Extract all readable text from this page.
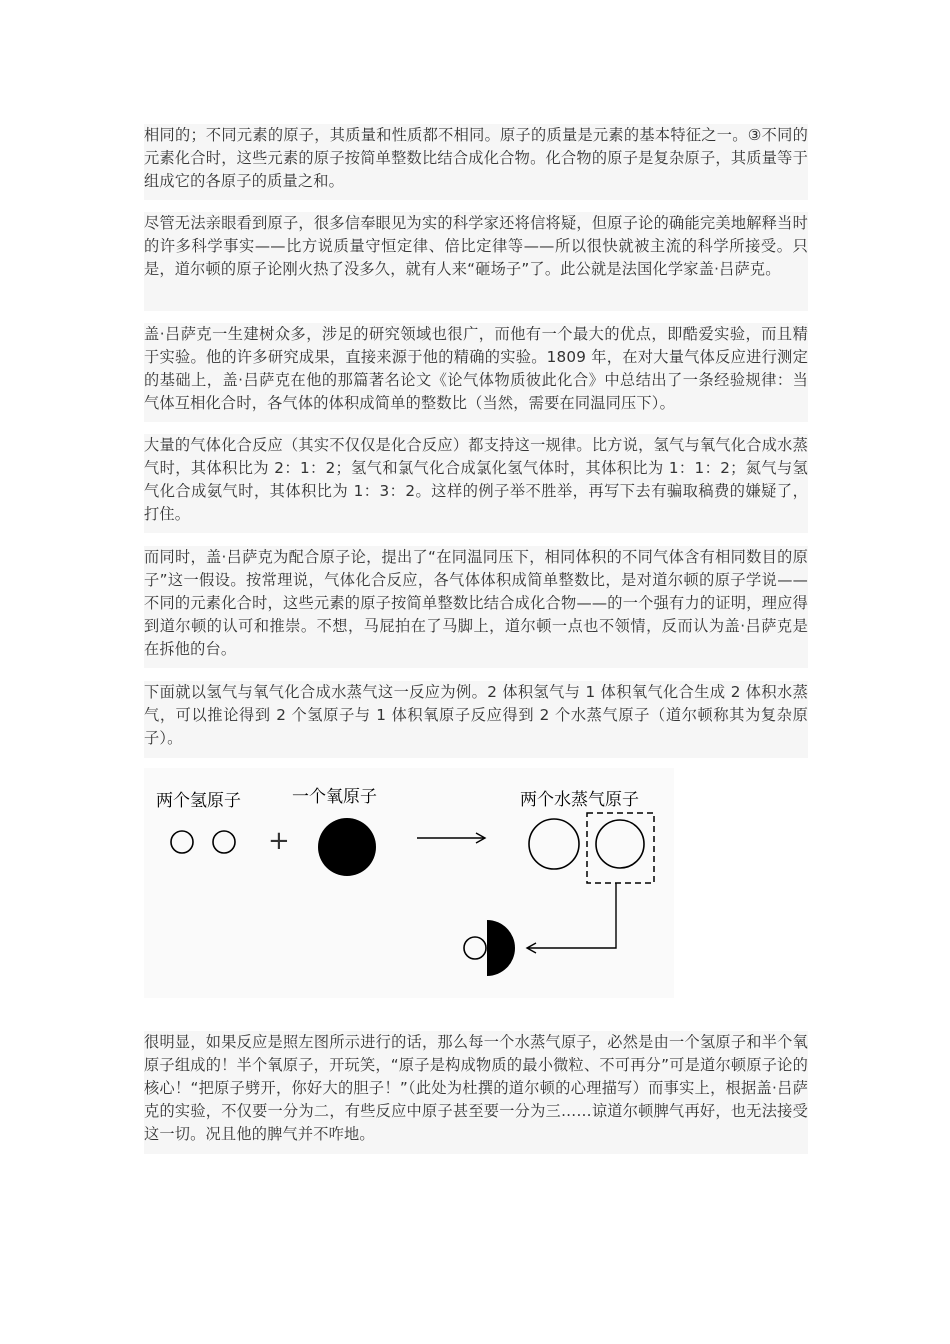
相同的；不同元素的原子，其质量和性质都不相同。原子的质量是元素的基本特征之一。③不同的元素化合时，这些元素的原子按简单整数比结合成化合物。化合物的原子是复杂原子，其质量等于组成它的各原子的质量之和。

尽管无法亲眼看到原子，很多信奉眼见为实的科学家还将信将疑，但原子论的确能完美地解释当时的许多科学事实——比方说质量守恒定律、倍比定律等——所以很快就被主流的科学所接受。只是，道尔顿的原子论刚火热了没多久，就有人来“砸场子”了。此公就是法国化学家盖·吕萨克。

盖·吕萨克一生建树众多，涉足的研究领域也很广，而他有一个最大的优点，即酷爱实验，而且精于实验。他的许多研究成果，直接来源于他的精确的实验。1809 年，在对大量气体反应进行测定的基础上，盖·吕萨克在他的那篇著名论文《论气体物质彼此化合》中总结出了一条经验规律：当气体互相化合时，各气体的体积成简单的整数比（当然，需要在同温同压下）。

大量的气体化合反应（其实不仅仅是化合反应）都支持这一规律。比方说，氢气与氧气化合成水蒸气时，其体积比为 2：1：2；氢气和氯气化合成氯化氢气体时，其体积比为 1：1：2；氮气与氢气化合成氨气时，其体积比为 1：3：2。这样的例子举不胜举，再写下去有骗取稿费的嫌疑了，打住。

而同时，盖·吕萨克为配合原子论，提出了“在同温同压下，相同体积的不同气体含有相同数目的原子”这一假设。按常理说，气体化合反应，各气体体积成简单整数比，是对道尔顿的原子学说——不同的元素化合时，这些元素的原子按简单整数比结合成化合物——的一个强有力的证明，理应得到道尔顿的认可和推崇。不想，马屁拍在了马脚上，道尔顿一点也不领情，反而认为盖·吕萨克是在拆他的台。

下面就以氢气与氧气化合成水蒸气这一反应为例。2 体积氢气与 1 体积氧气化合生成 2 体积水蒸气，可以推论得到 2 个氢原子与 1 体积氧原子反应得到 2 个水蒸气原子（道尔顿称其为复杂原子）。

两个氢原子	一个氧原子	两个水蒸气原子
+

很明显，如果反应是照左图所示进行的话，那么每一个水蒸气原子，必然是由一个氢原子和半个氧原子组成的！半个氧原子，开玩笑，“原子是构成物质的最小微粒、不可再分”可是道尔顿原子论的核心！“把原子劈开，你好大的胆子！”（此处为杜撰的道尔顿的心理描写）而事实上，根据盖·吕萨克的实验，不仅要一分为二，有些反应中原子甚至要一分为三……谅道尔顿脾气再好，也无法接受这一切。况且他的脾气并不咋地。
